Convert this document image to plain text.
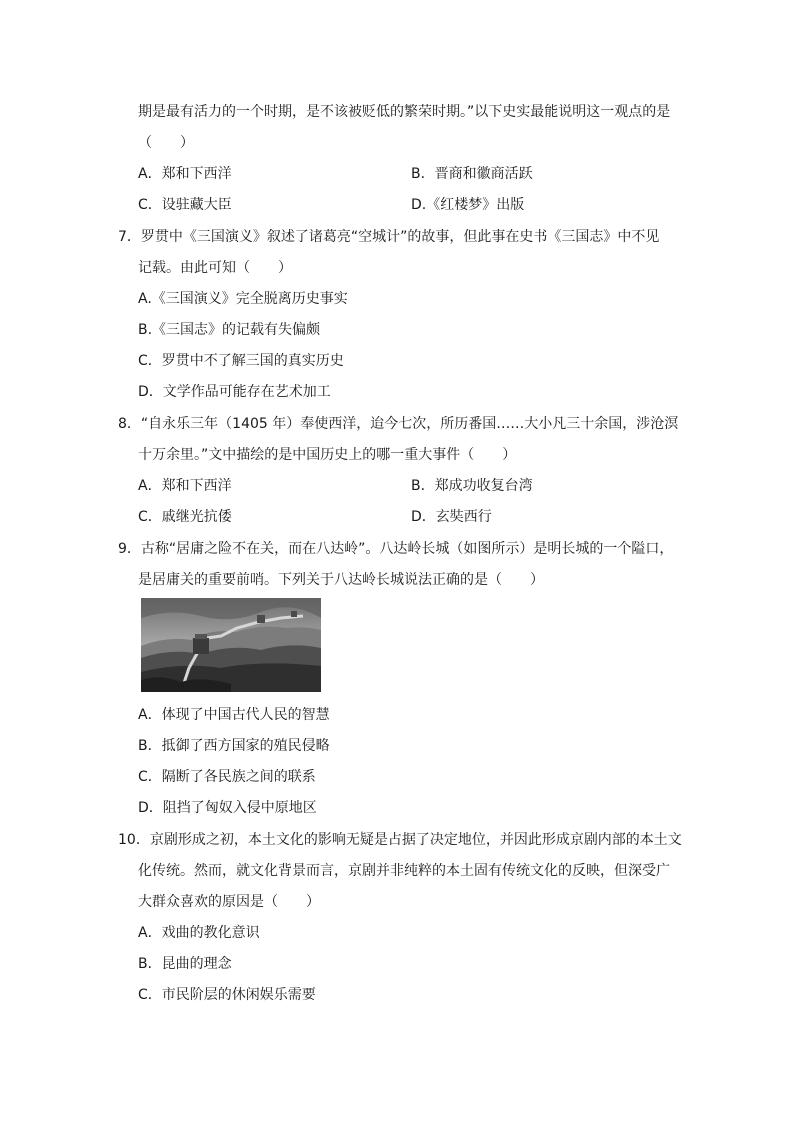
期是最有活力的一个时期，是不该被贬低的繁荣时期。”以下史实最能说明这一观点的是
（　　）
A．郑和下西洋	B．晋商和徽商活跃
C．设驻藏大臣	D.《红楼梦》出版
7．罗贯中《三国演义》叙述了诸葛亮“空城计”的故事，但此事在史书《三国志》中不见
记载。由此可知（　　）
A.《三国演义》完全脱离历史事实
B.《三国志》的记载有失偏颇
C．罗贯中不了解三国的真实历史
D．文学作品可能存在艺术加工
8．“自永乐三年（1405 年）奉使西洋，迨今七次，所历番国……大小凡三十余国，涉沧溟
十万余里。”文中描绘的是中国历史上的哪一重大事件（　　）
A．郑和下西洋	B．郑成功收复台湾
C．戚继光抗倭	D．玄奘西行
9．古称“居庸之险不在关，而在八达岭”。八达岭长城（如图所示）是明长城的一个隘口，
是居庸关的重要前哨。下列关于八达岭长城说法正确的是（　　）
A．体现了中国古代人民的智慧
B．抵御了西方国家的殖民侵略
C．隔断了各民族之间的联系
D．阻挡了匈奴入侵中原地区
10．京剧形成之初，本土文化的影响无疑是占据了决定地位，并因此形成京剧内部的本土文
化传统。然而，就文化背景而言，京剧并非纯粹的本土固有传统文化的反映，但深受广
大群众喜欢的原因是（　　）
A．戏曲的教化意识
B．昆曲的理念
C．市民阶层的休闲娱乐需要
